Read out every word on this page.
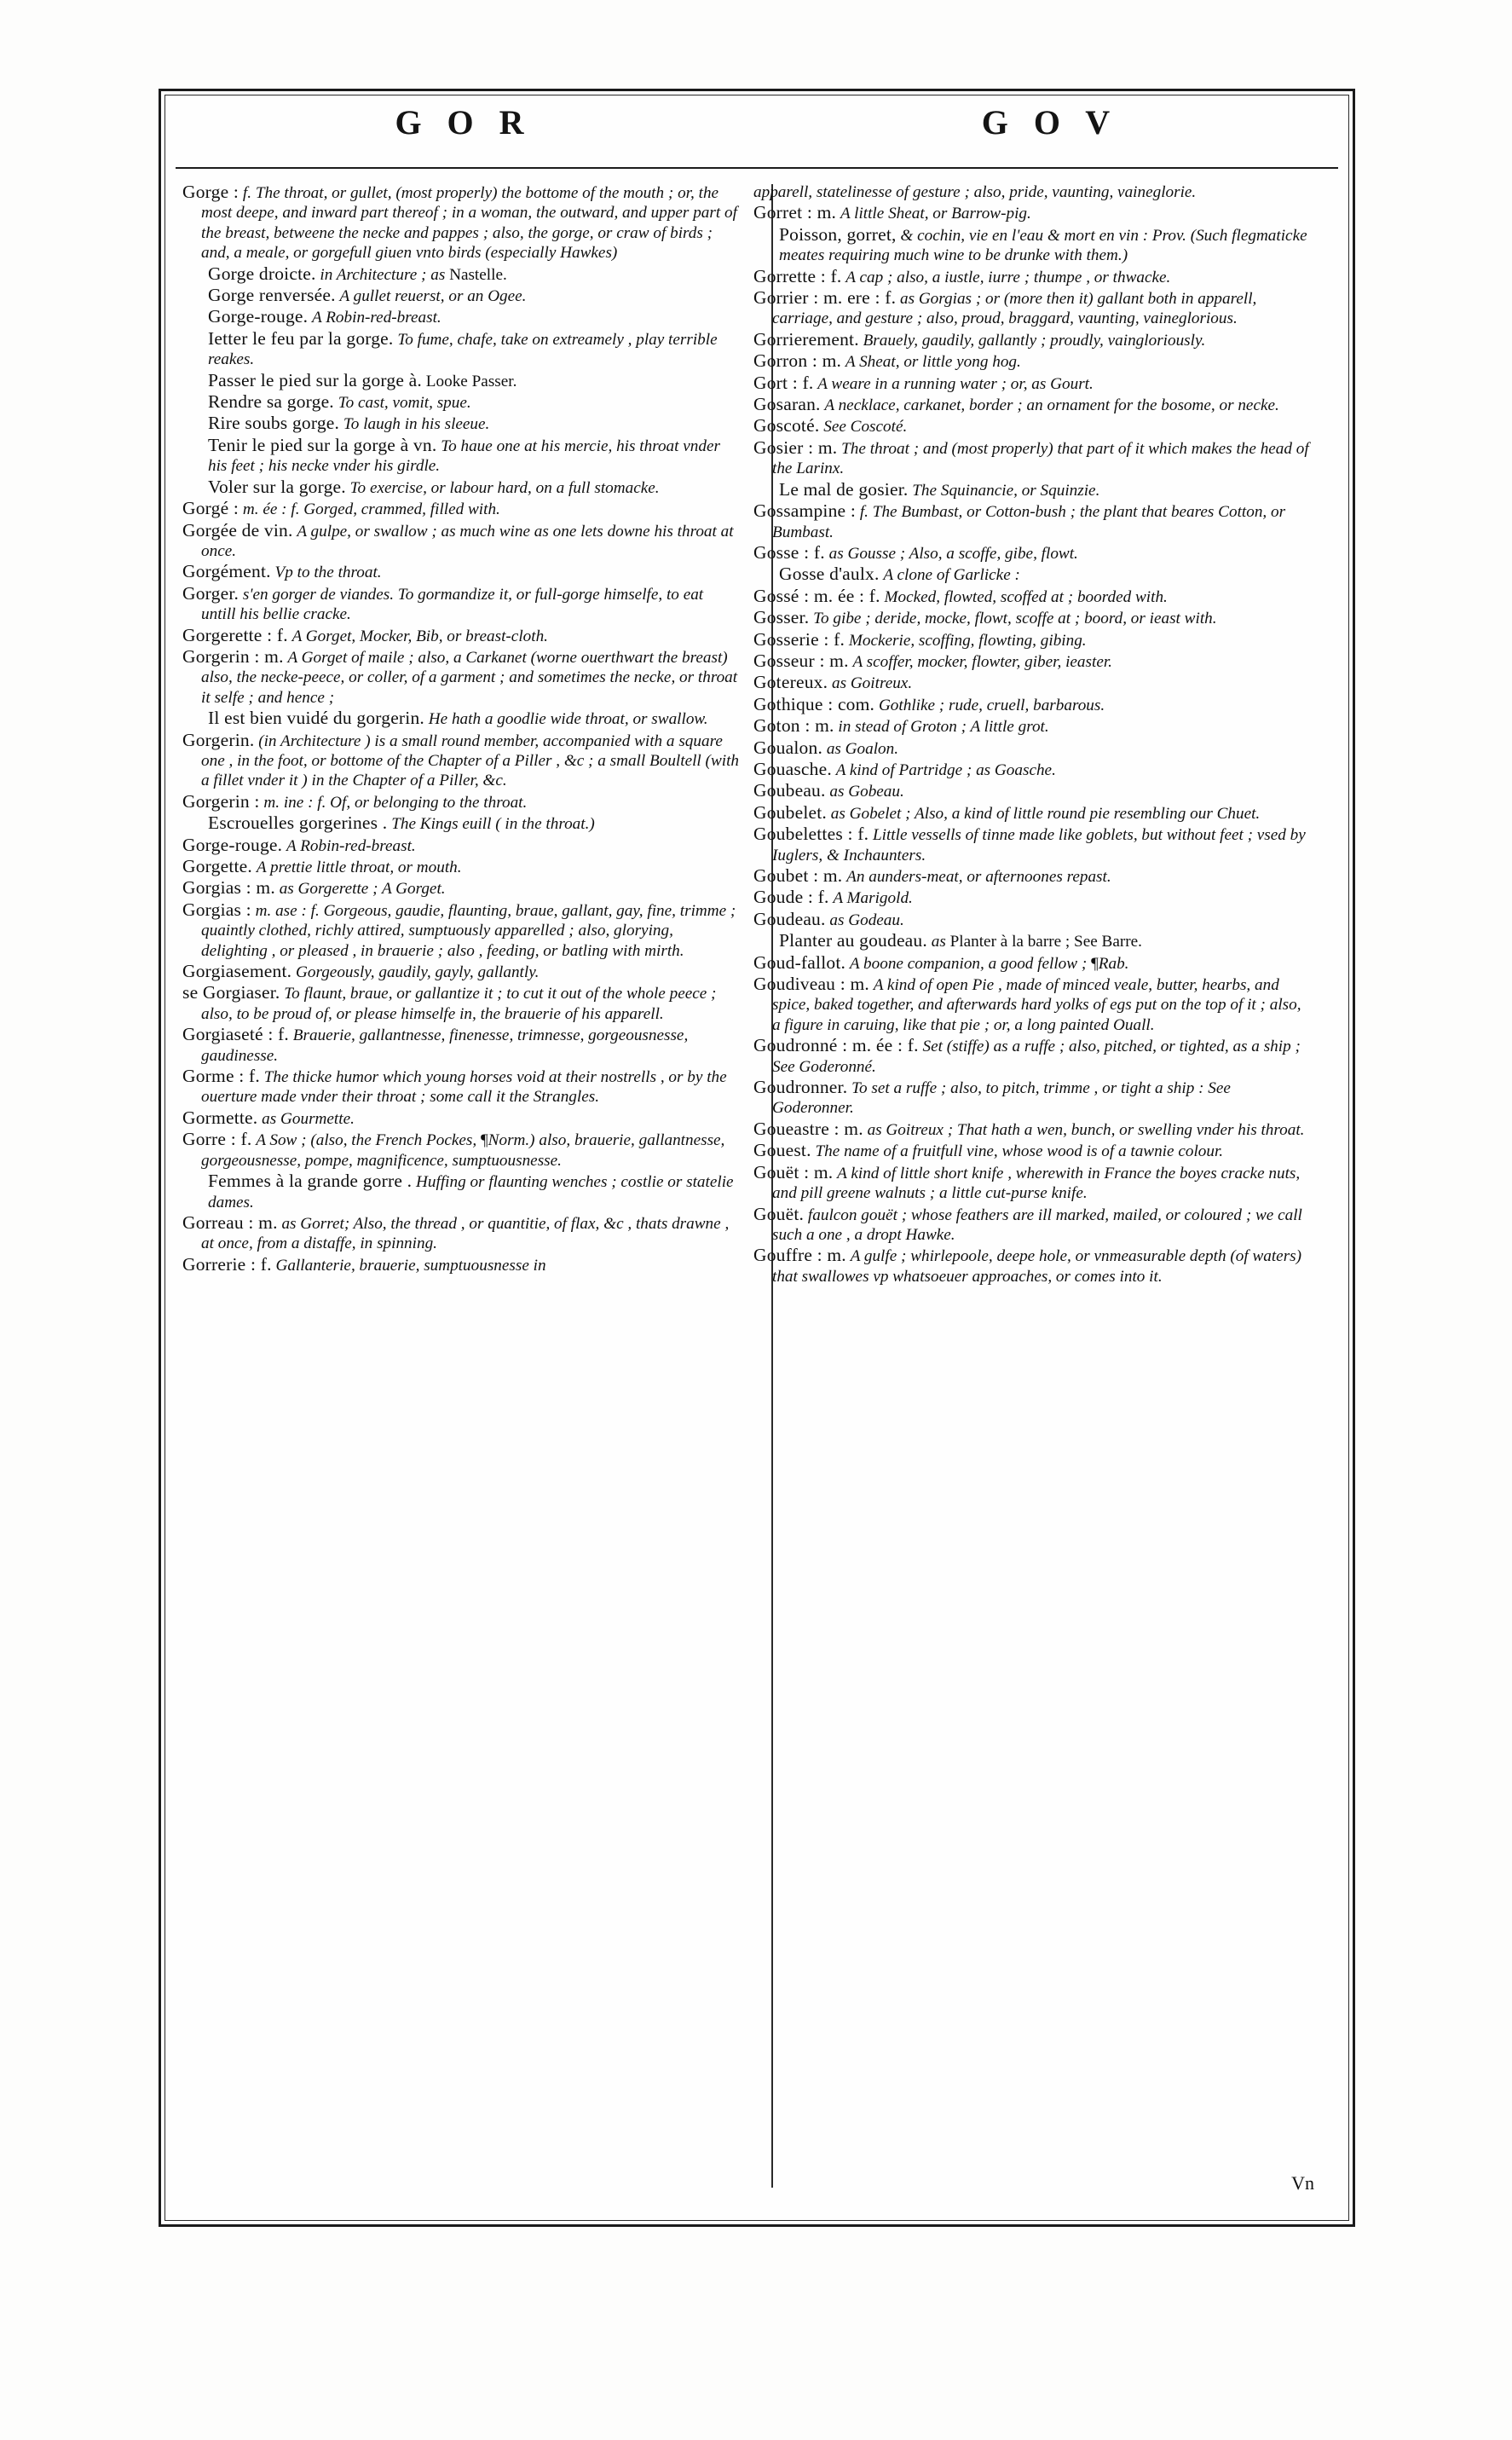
G O R	G O V

Gorge : f. The throat, or gullet, (most properly) the bottome of the mouth ; or, the most deepe, and inward part thereof ; in a woman, the outward, and upper part of the breast, betweene the necke and pappes ; also, the gorge, or craw of birds ; and, a meale, or gorgefull giuen vnto birds (especially Hawkes)

Gorge droicte. in Architecture ; as Nastelle.

Gorge renversée. A gullet reuerst, or an Ogee.

Gorge-rouge. A Robin-red-breast.

Ietter le feu par la gorge. To fume, chafe, take on extreamely , play terrible reakes.

Passer le pied sur la gorge à. Looke Passer.

Rendre sa gorge. To cast, vomit, spue.

Rire soubs gorge. To laugh in his sleeue.

Tenir le pied sur la gorge à vn. To haue one at his mercie, his throat vnder his feet ; his necke vnder his girdle.

Voler sur la gorge. To exercise, or labour hard, on a full stomacke.

Gorgé : m. ée : f. Gorged, crammed, filled with.

Gorgée de vin. A gulpe, or swallow ; as much wine as one lets downe his throat at once.

Gorgément. Vp to the throat.

Gorger. s'en gorger de viandes. To gormandize it, or full-gorge himselfe, to eat untill his bellie cracke.

Gorgerette : f. A Gorget, Mocker, Bib, or breast-cloth.

Gorgerin : m. A Gorget of maile ; also, a Carkanet (worne ouerthwart the breast) also, the necke-peece, or coller, of a garment ; and sometimes the necke, or throat it selfe ; and hence ;

Il est bien vuidé du gorgerin. He hath a goodlie wide throat, or swallow.

Gorgerin. (in Architecture ) is a small round member, accompanied with a square one , in the foot, or bottome of the Chapter of a Piller , &c ; a small Boultell (with a fillet vnder it ) in the Chapter of a Piller, &c.

Gorgerin : m. ine : f. Of, or belonging to the throat.

Escrouelles gorgerines . The Kings euill ( in the throat.)

Gorge-rouge. A Robin-red-breast.

Gorgette. A prettie little throat, or mouth.

Gorgias : m. as Gorgerette ; A Gorget.

Gorgias : m. ase : f. Gorgeous, gaudie, flaunting, braue, gallant, gay, fine, trimme ; quaintly clothed, richly attired, sumptuously apparelled ; also, glorying, delighting , or pleased , in brauerie ; also , feeding, or batling with mirth.

Gorgiasement. Gorgeously, gaudily, gayly, gallantly.

se Gorgiaser. To flaunt, braue, or gallantize it ; to cut it out of the whole peece ; also, to be proud of, or please himselfe in, the brauerie of his apparell.

Gorgiaseté : f. Brauerie, gallantnesse, finenesse, trimnesse, gorgeousnesse, gaudinesse.

Gorme : f. The thicke humor which young horses void at their nostrells , or by the ouerture made vnder their throat ; some call it the Strangles.

Gormette. as Gourmette.

Gorre : f. A Sow ; (also, the French Pockes, ¶Norm.) also, brauerie, gallantnesse, gorgeousnesse, pompe, magnificence, sumptuousnesse.

Femmes à la grande gorre . Huffing or flaunting wenches ; costlie or statelie dames.

Gorreau : m. as Gorret; Also, the thread , or quantitie, of flax, &c , thats drawne , at once, from a distaffe, in spinning.

Gorrerie : f. Gallanterie, brauerie, sumptuousnesse in

apparell, statelinesse of gesture ; also, pride, vaunting, vaineglorie.

Gorret : m. A little Sheat, or Barrow-pig.

Poisson, gorret, & cochin, vie en l'eau & mort en vin : Prov. (Such flegmaticke meates requiring much wine to be drunke with them.)

Gorrette : f. A cap ; also, a iustle, iurre ; thumpe , or thwacke.

Gorrier : m. ere : f. as Gorgias ; or (more then it) gallant both in apparell, carriage, and gesture ; also, proud, braggard, vaunting, vaineglorious.

Gorrierement. Brauely, gaudily, gallantly ; proudly, vaingloriously.

Gorron : m. A Sheat, or little yong hog.

Gort : f. A weare in a running water ; or, as Gourt.

Gosaran. A necklace, carkanet, border ; an ornament for the bosome, or necke.

Goscoté. See Coscoté.

Gosier : m. The throat ; and (most properly) that part of it which makes the head of the Larinx.

Le mal de gosier. The Squinancie, or Squinzie.

Gossampine : f. The Bumbast, or Cotton-bush ; the plant that beares Cotton, or Bumbast.

Gosse : f. as Gousse ; Also, a scoffe, gibe, flowt.

Gosse d'aulx. A clone of Garlicke :

Gossé : m. ée : f. Mocked, flowted, scoffed at ; boorded with.

Gosser. To gibe ; deride, mocke, flowt, scoffe at ; boord, or ieast with.

Gosserie : f. Mockerie, scoffing, flowting, gibing.

Gosseur : m. A scoffer, mocker, flowter, giber, ieaster.

Gotereux. as Goitreux.

Gothique : com. Gothlike ; rude, cruell, barbarous.

Goton : m. in stead of Groton ; A little grot.

Goualon. as Goalon.

Gouasche. A kind of Partridge ; as Goasche.

Goubeau. as Gobeau.

Goubelet. as Gobelet ; Also, a kind of little round pie resembling our Chuet.

Goubelettes : f. Little vessells of tinne made like goblets, but without feet ; vsed by Iuglers, & Inchaunters.

Goubet : m. An aunders-meat, or afternoones repast.

Goude : f. A Marigold.

Goudeau. as Godeau.

Planter au goudeau. as Planter à la barre ; See Barre.

Goud-fallot. A boone companion, a good fellow ; ¶Rab.

Goudiveau : m. A kind of open Pie , made of minced veale, butter, hearbs, and spice, baked together, and afterwards hard yolks of egs put on the top of it ; also, a figure in caruing, like that pie ; or, a long painted Ouall.

Goudronné : m. ée : f. Set (stiffe) as a ruffe ; also, pitched, or tighted, as a ship ; See Goderonné.

Goudronner. To set a ruffe ; also, to pitch, trimme , or tight a ship : See Goderonner.

Goueastre : m. as Goitreux ; That hath a wen, bunch, or swelling vnder his throat.

Gouest. The name of a fruitfull vine, whose wood is of a tawnie colour.

Gouët : m. A kind of little short knife , wherewith in France the boyes cracke nuts, and pill greene walnuts ; a little cut-purse knife.

Gouët. faulcon gouët ; whose feathers are ill marked, mailed, or coloured ; we call such a one , a dropt Hawke.

Gouffre : m. A gulfe ; whirlepoole, deepe hole, or vnmeasurable depth (of waters) that swallowes vp whatsoeuer approaches, or comes into it.

Vn
